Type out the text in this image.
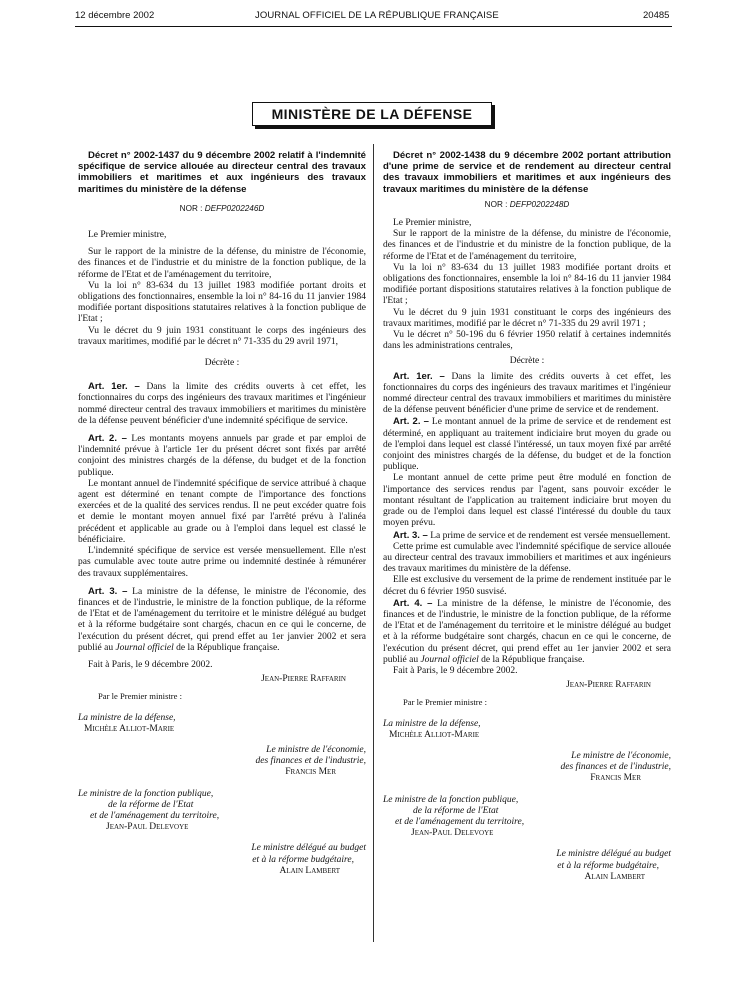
12 décembre 2002	JOURNAL OFFICIEL DE LA RÉPUBLIQUE FRANÇAISE	20485
MINISTÈRE DE LA DÉFENSE

Décret n° 2002-1437 du 9 décembre 2002 relatif à l'indemnité spécifique de service allouée au directeur central des travaux immobiliers et maritimes et aux ingénieurs des travaux maritimes du ministère de la défense

NOR : DEFP0202246D

Le Premier ministre,

Sur le rapport de la ministre de la défense, du ministre de l'économie, des finances et de l'industrie et du ministre de la fonction publique, de la réforme de l'Etat et de l'aménagement du territoire,

Vu la loi n° 83-634 du 13 juillet 1983 modifiée portant droits et obligations des fonctionnaires, ensemble la loi n° 84-16 du 11 janvier 1984 modifiée portant dispositions statutaires relatives à la fonction publique de l'Etat ;

Vu le décret du 9 juin 1931 constituant le corps des ingénieurs des travaux maritimes, modifié par le décret n° 71-335 du 29 avril 1971,

Décrète :

Art. 1er. – Dans la limite des crédits ouverts à cet effet, les fonctionnaires du corps des ingénieurs des travaux maritimes et l'ingénieur nommé directeur central des travaux immobiliers et maritimes du ministère de la défense peuvent bénéficier d'une indemnité spécifique de service.

Art. 2. – Les montants moyens annuels par grade et par emploi de l'indemnité prévue à l'article 1er du présent décret sont fixés par arrêté conjoint des ministres chargés de la défense, du budget et de la fonction publique.

Le montant annuel de l'indemnité spécifique de service attribué à chaque agent est déterminé en tenant compte de l'importance des fonctions exercées et de la qualité des services rendus. Il ne peut excéder quatre fois et demie le montant moyen annuel fixé par l'arrêté prévu à l'alinéa précédent et applicable au grade ou à l'emploi dans lequel est classé le bénéficiaire.

L'indemnité spécifique de service est versée mensuellement. Elle n'est pas cumulable avec toute autre prime ou indemnité destinée à rémunérer des travaux supplémentaires.

Art. 3. – La ministre de la défense, le ministre de l'économie, des finances et de l'industrie, le ministre de la fonction publique, de la réforme de l'Etat et de l'aménagement du territoire et le ministre délégué au budget et à la réforme budgétaire sont chargés, chacun en ce qui le concerne, de l'exécution du présent décret, qui prend effet au 1er janvier 2002 et sera publié au Journal officiel de la République française.

Fait à Paris, le 9 décembre 2002.

Jean-Pierre Raffarin

Par le Premier ministre :

La ministre de la défense,
Michèle Alliot-Marie

Le ministre de l'économie,
des finances et de l'industrie,
Francis Mer

Le ministre de la fonction publique,
de la réforme de l'Etat
et de l'aménagement du territoire,
Jean-Paul Delevoye

Le ministre délégué au budget
et à la réforme budgétaire,
Alain Lambert

Décret n° 2002-1438 du 9 décembre 2002 portant attribution d'une prime de service et de rendement au directeur central des travaux immobiliers et maritimes et aux ingénieurs des travaux maritimes du ministère de la défense

NOR : DEFP0202248D

Le Premier ministre,

Sur le rapport de la ministre de la défense, du ministre de l'économie, des finances et de l'industrie et du ministre de la fonction publique, de la réforme de l'Etat et de l'aménagement du territoire,

Vu la loi n° 83-634 du 13 juillet 1983 modifiée portant droits et obligations des fonctionnaires, ensemble la loi n° 84-16 du 11 janvier 1984 modifiée portant dispositions statutaires relatives à la fonction publique de l'Etat ;

Vu le décret du 9 juin 1931 constituant le corps des ingénieurs des travaux maritimes, modifié par le décret n° 71-335 du 29 avril 1971 ;

Vu le décret n° 50-196 du 6 février 1950 relatif à certaines indemnités dans les administrations centrales,

Décrète :

Art. 1er. – Dans la limite des crédits ouverts à cet effet, les fonctionnaires du corps des ingénieurs des travaux maritimes et l'ingénieur nommé directeur central des travaux immobiliers et maritimes du ministère de la défense peuvent bénéficier d'une prime de service et de rendement.

Art. 2. – Le montant annuel de la prime de service et de rendement est déterminé, en appliquant au traitement indiciaire brut moyen du grade ou de l'emploi dans lequel est classé l'intéressé, un taux moyen fixé par arrêté conjoint des ministres chargés de la défense, du budget et de la fonction publique.

Le montant annuel de cette prime peut être modulé en fonction de l'importance des services rendus par l'agent, sans pouvoir excéder le montant résultant de l'application au traitement indiciaire brut moyen du grade ou de l'emploi dans lequel est classé l'intéressé du double du taux moyen prévu.

Art. 3. – La prime de service et de rendement est versée mensuellement.

Cette prime est cumulable avec l'indemnité spécifique de service allouée au directeur central des travaux immobiliers et maritimes et aux ingénieurs des travaux maritimes du ministère de la défense.

Elle est exclusive du versement de la prime de rendement instituée par le décret du 6 février 1950 susvisé.

Art. 4. – La ministre de la défense, le ministre de l'économie, des finances et de l'industrie, le ministre de la fonction publique, de la réforme de l'Etat et de l'aménagement du territoire et le ministre délégué au budget et à la réforme budgétaire sont chargés, chacun en ce qui le concerne, de l'exécution du présent décret, qui prend effet au 1er janvier 2002 et sera publié au Journal officiel de la République française.

Fait à Paris, le 9 décembre 2002.

Jean-Pierre Raffarin

Par le Premier ministre :

La ministre de la défense,
Michèle Alliot-Marie

Le ministre de l'économie,
des finances et de l'industrie,
Francis Mer

Le ministre de la fonction publique,
de la réforme de l'Etat
et de l'aménagement du territoire,
Jean-Paul Delevoye

Le ministre délégué au budget
et à la réforme budgétaire,
Alain Lambert
